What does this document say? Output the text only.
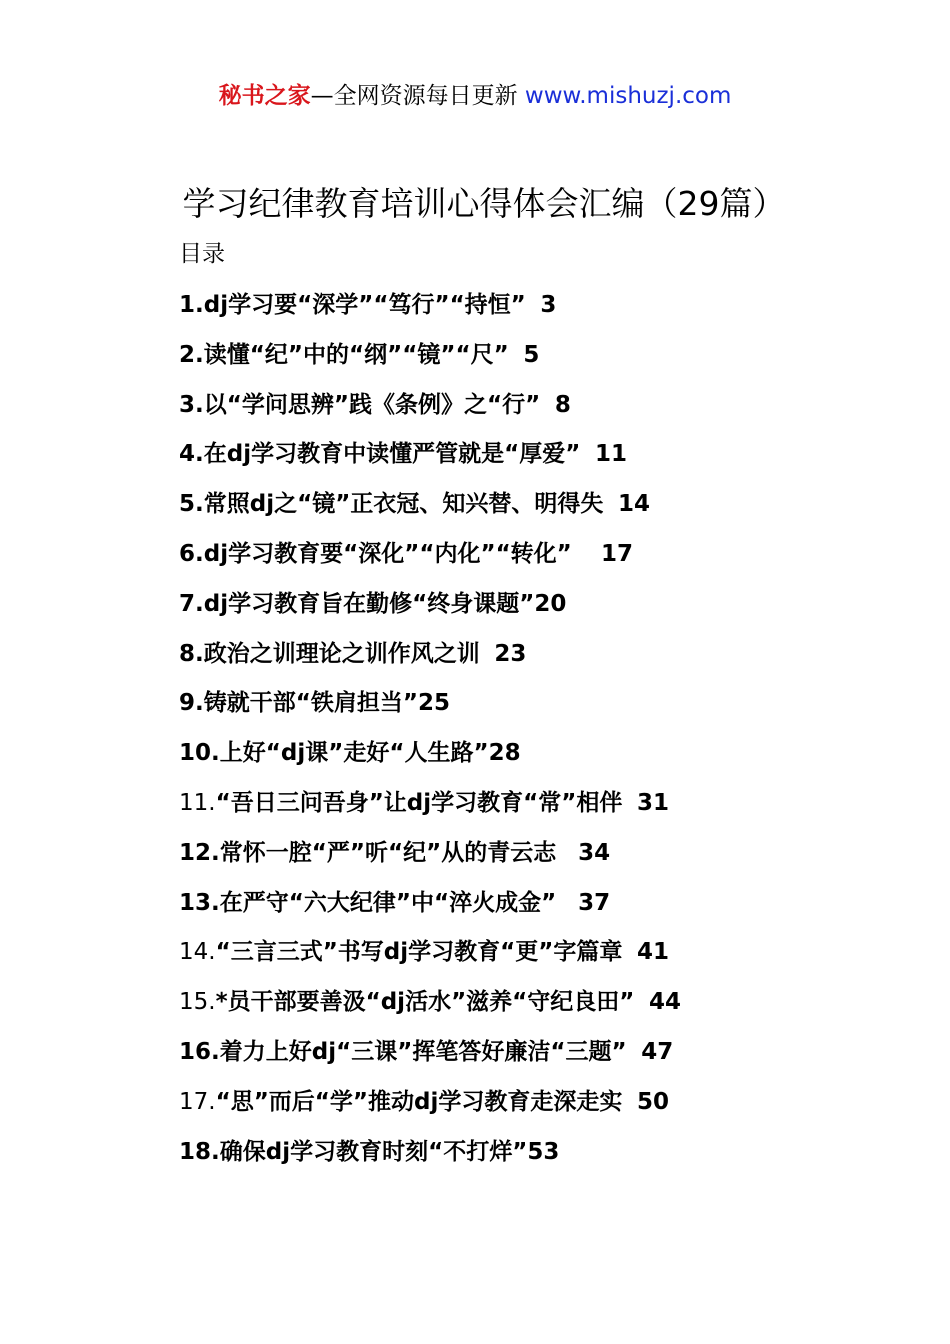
秘书之家—全网资源每日更新 www.mishuzj.com
学习纪律教育培训心得体会汇编（29篇）
目录
1.dj学习要“深学”“笃行”“持恒” 3
2.读懂“纪”中的“纲”“镜”“尺” 5
3.以“学问思辨”践《条例》之“行” 8
4.在dj学习教育中读懂严管就是“厚爱” 11
5.常照dj之“镜”正衣冠、知兴替、明得失 14
6.dj学习教育要“深化”“内化”“转化” 17
7.dj学习教育旨在勤修“终身课题”20
8.政治之训理论之训作风之训 23
9.铸就干部“铁肩担当”25
10.上好“dj课”走好“人生路”28
11.“吾日三问吾身”让dj学习教育“常”相伴 31
12.常怀一腔“严”听“纪”从的青云志 34
13.在严守“六大纪律”中“淬火成金” 37
14.“三言三式”书写dj学习教育“更”字篇章 41
15.*员干部要善汲“dj活水”滋养“守纪良田” 44
16.着力上好dj“三课”挥笔答好廉洁“三题” 47
17.“思”而后“学”推动dj学习教育走深走实 50
18.确保dj学习教育时刻“不打烊”53
